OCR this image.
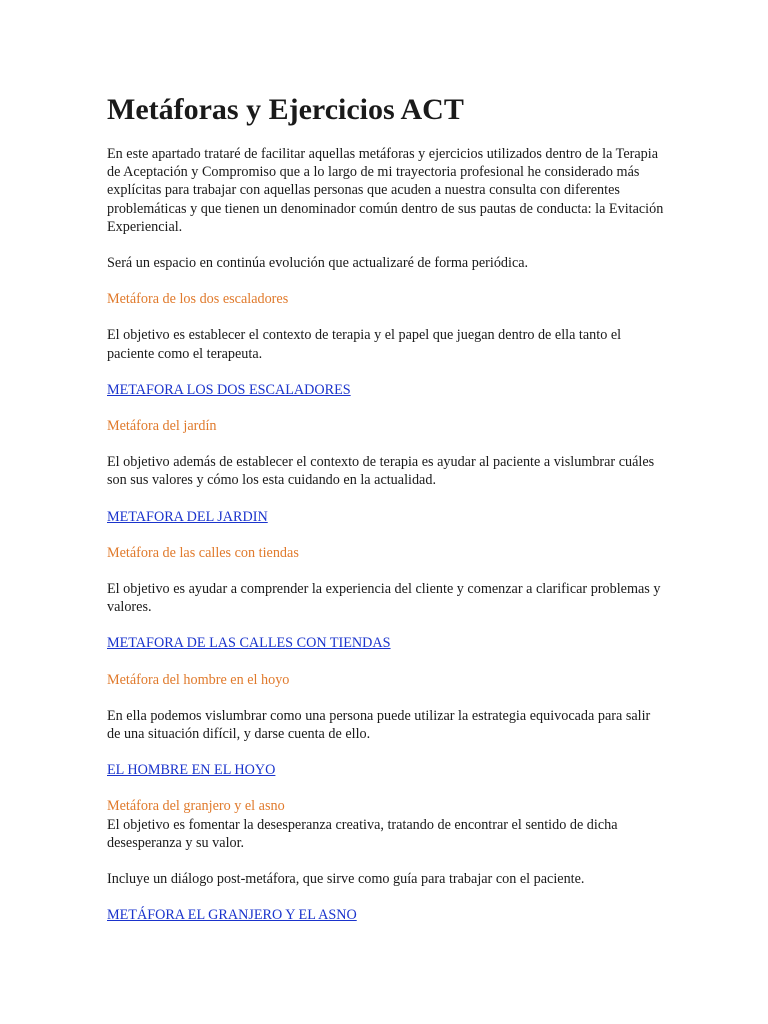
Metáforas y Ejercicios ACT

En este apartado trataré de facilitar aquellas metáforas y ejercicios utilizados dentro de la Terapia de Aceptación y Compromiso que a lo largo de mi trayectoria profesional he considerado más explícitas para trabajar con aquellas personas que acuden a nuestra consulta con diferentes problemáticas y que tienen un denominador común dentro de sus pautas de conducta: la Evitación Experiencial.

Será un espacio en continúa evolución que actualizaré de forma periódica.

Metáfora de los dos escaladores

El objetivo es establecer el contexto de terapia y el papel que juegan dentro de ella tanto el paciente como el terapeuta.

METAFORA LOS DOS ESCALADORES

Metáfora del jardín

El objetivo además de establecer el contexto de terapia es ayudar al paciente a vislumbrar cuáles son sus valores y cómo los esta cuidando en la actualidad.

METAFORA DEL JARDIN

Metáfora de las calles con tiendas

El objetivo es ayudar a comprender la experiencia del cliente y comenzar a clarificar problemas y valores.

METAFORA DE LAS CALLES CON TIENDAS

Metáfora del hombre en el hoyo

En ella podemos vislumbrar como una persona puede utilizar la estrategia equivocada para salir de una situación difícil, y darse cuenta de ello.

EL HOMBRE EN EL HOYO

Metáfora del granjero y el asno

El objetivo es fomentar la desesperanza creativa, tratando de encontrar el sentido de dicha desesperanza y su valor.

Incluye un diálogo post-metáfora, que sirve como guía para trabajar con el paciente.

METÁFORA EL GRANJERO Y EL ASNO
